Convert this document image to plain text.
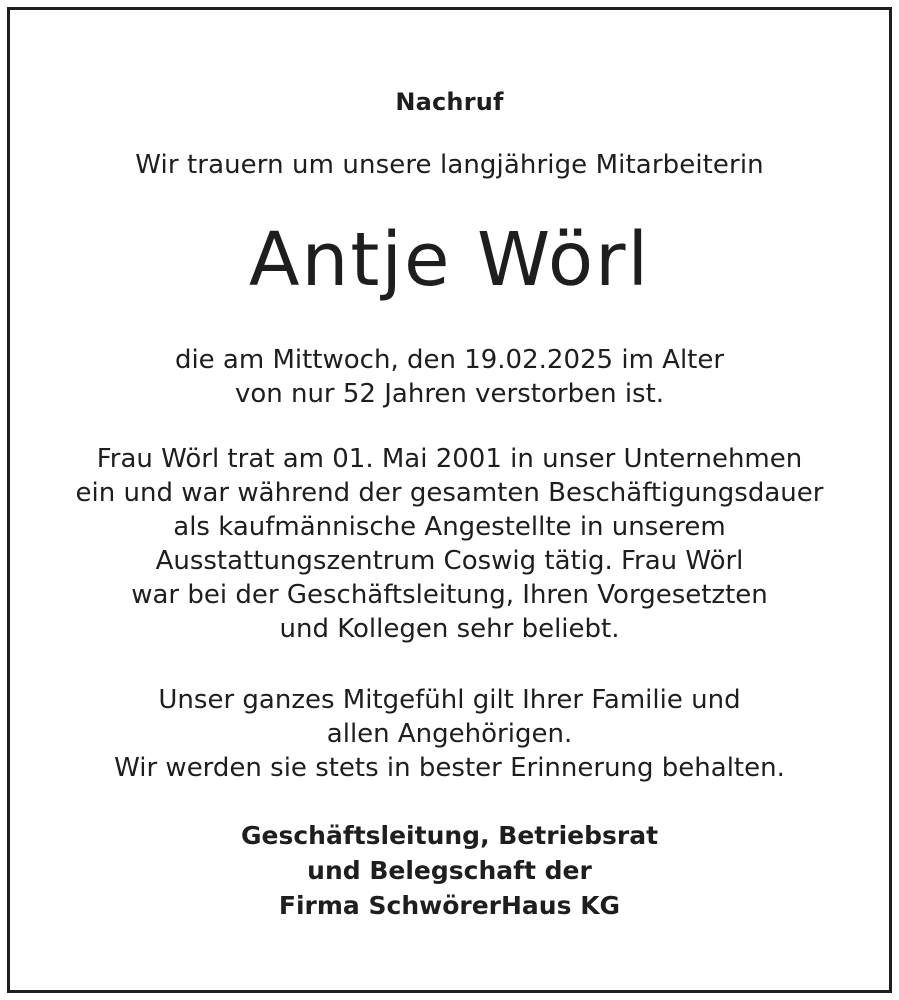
Nachruf
Wir trauern um unsere langjährige Mitarbeiterin
Antje Wörl
die am Mittwoch, den 19.02.2025 im Alter
von nur 52 Jahren verstorben ist.
Frau Wörl trat am 01. Mai 2001 in unser Unternehmen
ein und war während der gesamten Beschäftigungsdauer
als kaufmännische Angestellte in unserem
Ausstattungszentrum Coswig tätig. Frau Wörl
war bei der Geschäftsleitung, Ihren Vorgesetzten
und Kollegen sehr beliebt.
Unser ganzes Mitgefühl gilt Ihrer Familie und
allen Angehörigen.
Wir werden sie stets in bester Erinnerung behalten.
Geschäftsleitung, Betriebsrat
und Belegschaft der
Firma SchwörerHaus KG
